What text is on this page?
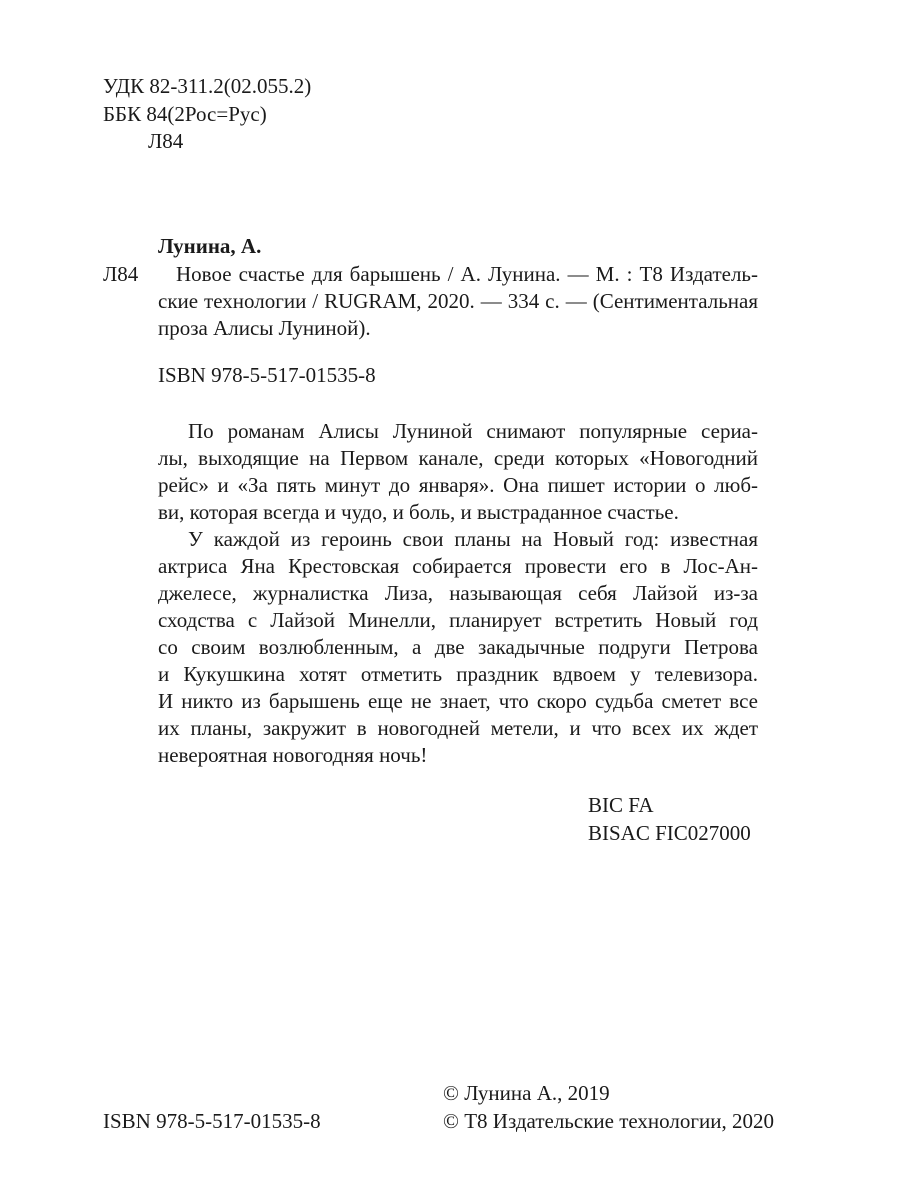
УДК 82-311.2(02.055.2)
ББК 84(2Рос=Рус)
Л84
Лунина, А.
Л84 Новое счастье для барышень / А. Лунина. — М. : Т8 Издатель-
ские технологии / RUGRAM, 2020. — 334 с. — (Сентиментальная
проза Алисы Луниной).
ISBN 978-5-517-01535-8
По романам Алисы Луниной снимают популярные сериа-
лы, выходящие на Первом канале, среди которых «Новогодний
рейс» и «За пять минут до января». Она пишет истории о люб-
ви, которая всегда и чудо, и боль, и выстраданное счастье.
У каждой из героинь свои планы на Новый год: известная
актриса Яна Крестовская собирается провести его в Лос-Ан-
джелесе, журналистка Лиза, называющая себя Лайзой из-за
сходства с Лайзой Минелли, планирует встретить Новый год
со своим возлюбленным, а две закадычные подруги Петрова
и Кукушкина хотят отметить праздник вдвоем у телевизора.
И никто из барышень еще не знает, что скоро судьба сметет все
их планы, закружит в новогодней метели, и что всех их ждет
невероятная новогодняя ночь!
BIC FA
BISAC FIC027000
ISBN 978-5-517-01535-8
© Лунина А., 2019
© Т8 Издательские технологии, 2020
